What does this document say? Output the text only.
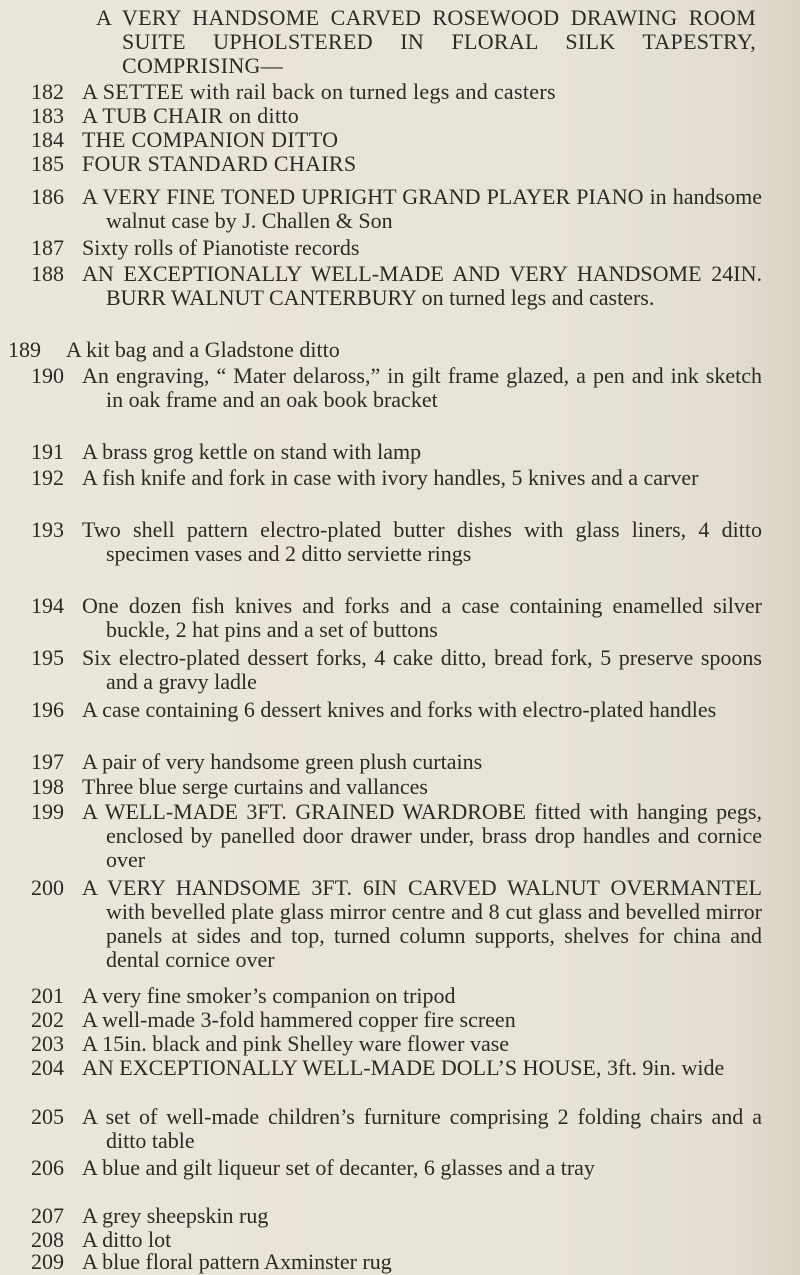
A VERY HANDSOME CARVED ROSEWOOD DRAWING ROOM SUITE UPHOLSTERED IN FLORAL SILK TAPESTRY, COMPRISING—
182 A SETTEE with rail back on turned legs and casters
183 A TUB CHAIR on ditto
184 THE COMPANION DITTO
185 FOUR STANDARD CHAIRS
186 A VERY FINE TONED UPRIGHT GRAND PLAYER PIANO in handsome walnut case by J. Challen & Son
187 Sixty rolls of Pianotiste records
188 AN EXCEPTIONALLY WELL-MADE AND VERY HANDSOME 24IN. BURR WALNUT CANTERBURY on turned legs and casters.
189	A kit bag and a Gladstone ditto
190 An engraving, “ Mater delaross,” in gilt frame glazed, a pen and ink sketch in oak frame and an oak book bracket
191 A brass grog kettle on stand with lamp
192 A fish knife and fork in case with ivory handles, 5 knives and a carver
193 Two shell pattern electro-plated butter dishes with glass liners, 4 ditto specimen vases and 2 ditto serviette rings
194 One dozen fish knives and forks and a case containing enamelled silver buckle, 2 hat pins and a set of buttons
195 Six electro-plated dessert forks, 4 cake ditto, bread fork, 5 preserve spoons and a gravy ladle
196 A case containing 6 dessert knives and forks with electro-plated handles
197 A pair of very handsome green plush curtains
198 Three blue serge curtains and vallances
199 A WELL-MADE 3FT. GRAINED WARDROBE fitted with hanging pegs, enclosed by panelled door drawer under, brass drop handles and cornice over
200 A VERY HANDSOME 3FT. 6IN CARVED WALNUT OVERMANTEL with bevelled plate glass mirror centre and 8 cut glass and bevelled mirror panels at sides and top, turned column supports, shelves for china and dental cornice over
201 A very fine smoker’s companion on tripod
202 A well-made 3-fold hammered copper fire screen
203 A 15in. black and pink Shelley ware flower vase
204 AN EXCEPTIONALLY WELL-MADE DOLL’S HOUSE, 3ft. 9in. wide
205 A set of well-made children’s furniture comprising 2 folding chairs and a ditto table
206 A blue and gilt liqueur set of decanter, 6 glasses and a tray
207 A grey sheepskin rug
208 A ditto lot
209 A blue floral pattern Axminster rug
